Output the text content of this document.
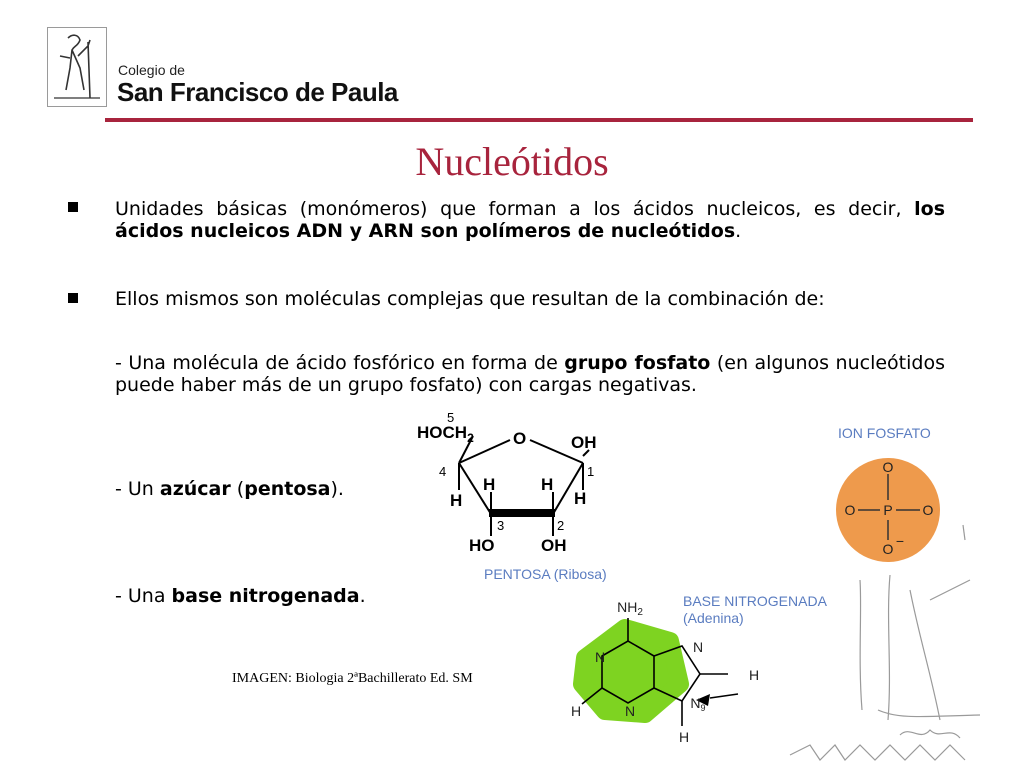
Colegio de
San Francisco de Paula
Nucleótidos
Unidades básicas (monómeros) que forman a los ácidos nucleicos, es decir, los ácidos nucleicos ADN y ARN son polímeros de nucleótidos.
Ellos mismos son moléculas complejas que resultan de la combinación de:
- Una molécula de ácido fosfórico en forma de grupo fosfato (en algunos nucleótidos puede haber más de un grupo fosfato) con cargas negativas.
- Un azúcar (pentosa).
- Una base nitrogenada.
$HOCH_2$ O	OH
H
H	H
H
HO	OH
5
4
3	2
1
PENTOSA (Ribosa)
ION FOSFATO
O
O P O
O −
BASE NITROGENADA
(Adenina)
$NH_2$
N
N
N
$N_9$
H
H
H
IMAGEN: Biologia 2ªBachillerato Ed. SM
